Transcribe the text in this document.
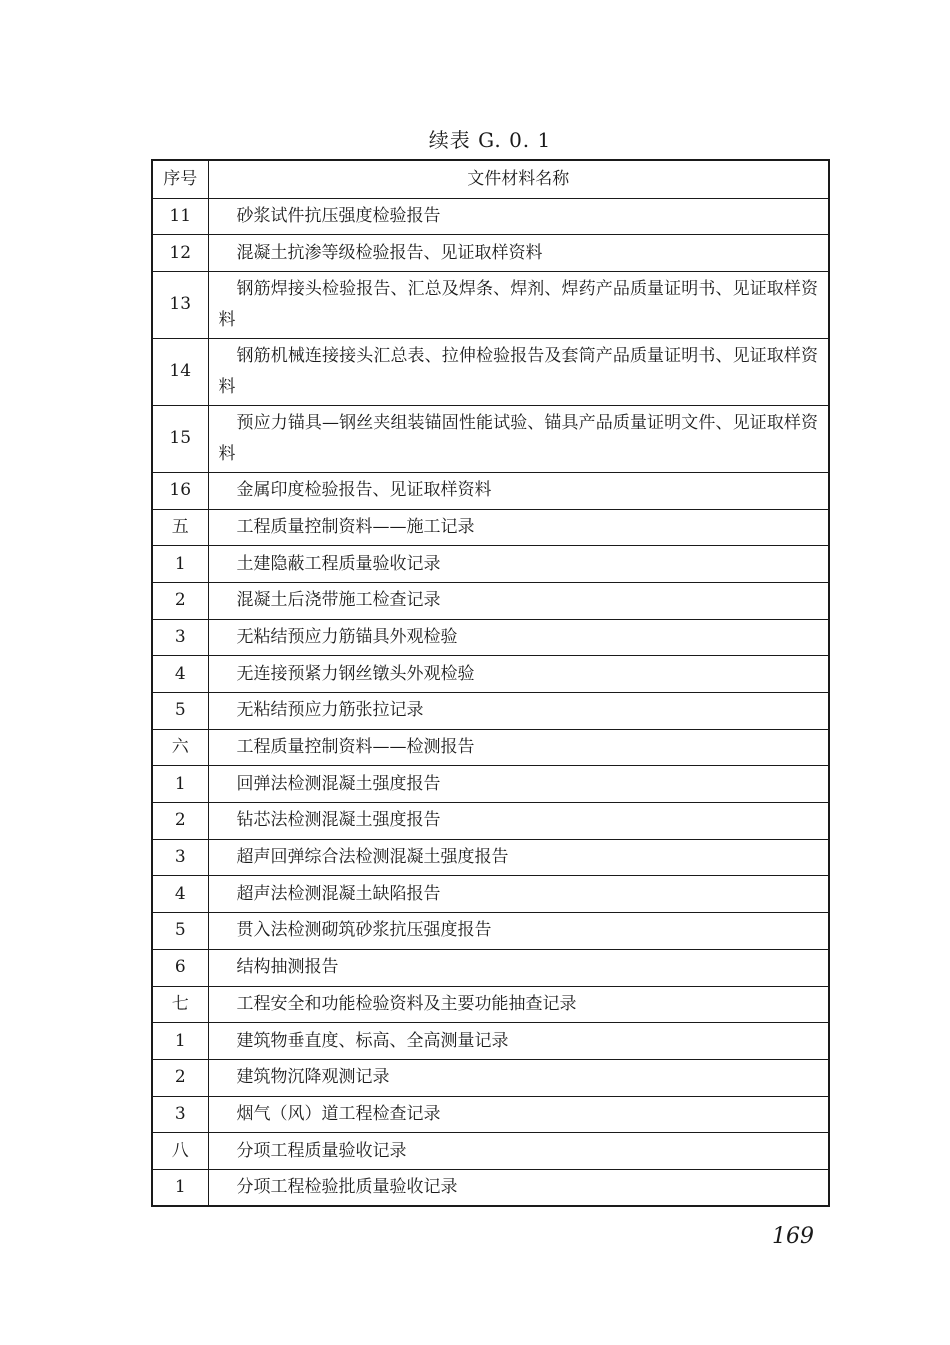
续表 G. 0. 1
序号	文件材料名称
11	砂浆试件抗压强度检验报告
12	混凝土抗渗等级检验报告、见证取样资料
13	钢筋焊接头检验报告、汇总及焊条、焊剂、焊药产品质量证明书、见证取样资料
14	钢筋机械连接接头汇总表、拉伸检验报告及套筒产品质量证明书、见证取样资料
15	预应力锚具—钢丝夹组装锚固性能试验、锚具产品质量证明文件、见证取样资料
16	金属印度检验报告、见证取样资料
五	工程质量控制资料——施工记录
1	土建隐蔽工程质量验收记录
2	混凝土后浇带施工检查记录
3	无粘结预应力筋锚具外观检验
4	无连接预紧力钢丝镦头外观检验
5	无粘结预应力筋张拉记录
六	工程质量控制资料——检测报告
1	回弹法检测混凝土强度报告
2	钻芯法检测混凝土强度报告
3	超声回弹综合法检测混凝土强度报告
4	超声法检测混凝土缺陷报告
5	贯入法检测砌筑砂浆抗压强度报告
6	结构抽测报告
七	工程安全和功能检验资料及主要功能抽查记录
1	建筑物垂直度、标高、全高测量记录
2	建筑物沉降观测记录
3	烟气（风）道工程检查记录
八	分项工程质量验收记录
1	分项工程检验批质量验收记录
169
